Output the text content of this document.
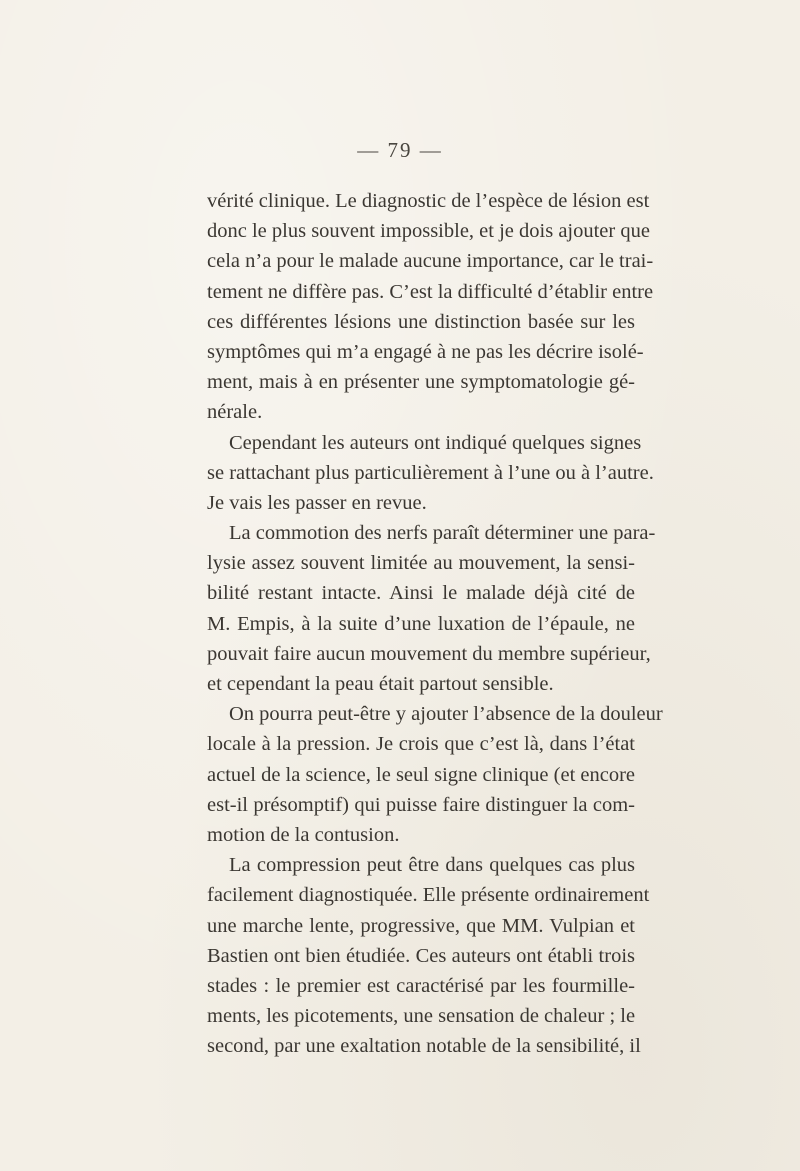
— 79 —
vérité clinique. Le diagnostic de l’espèce de lésion est
donc le plus souvent impossible, et je dois ajouter que
cela n’a pour le malade aucune importance, car le trai-
tement ne diffère pas. C’est la difficulté d’établir entre
ces différentes lésions une distinction basée sur les
symptômes qui m’a engagé à ne pas les décrire isolé-
ment, mais à en présenter une symptomatologie gé-
nérale.
Cependant les auteurs ont indiqué quelques signes
se rattachant plus particulièrement à l’une ou à l’autre.
Je vais les passer en revue.
La commotion des nerfs paraît déterminer une para-
lysie assez souvent limitée au mouvement, la sensi-
bilité restant intacte. Ainsi le malade déjà cité de
M. Empis, à la suite d’une luxation de l’épaule, ne
pouvait faire aucun mouvement du membre supérieur,
et cependant la peau était partout sensible.
On pourra peut-être y ajouter l’absence de la douleur
locale à la pression. Je crois que c’est là, dans l’état
actuel de la science, le seul signe clinique (et encore
est-il présomptif) qui puisse faire distinguer la com-
motion de la contusion.
La compression peut être dans quelques cas plus
facilement diagnostiquée. Elle présente ordinairement
une marche lente, progressive, que MM. Vulpian et
Bastien ont bien étudiée. Ces auteurs ont établi trois
stades : le premier est caractérisé par les fourmille-
ments, les picotements, une sensation de chaleur ; le
second, par une exaltation notable de la sensibilité, il
